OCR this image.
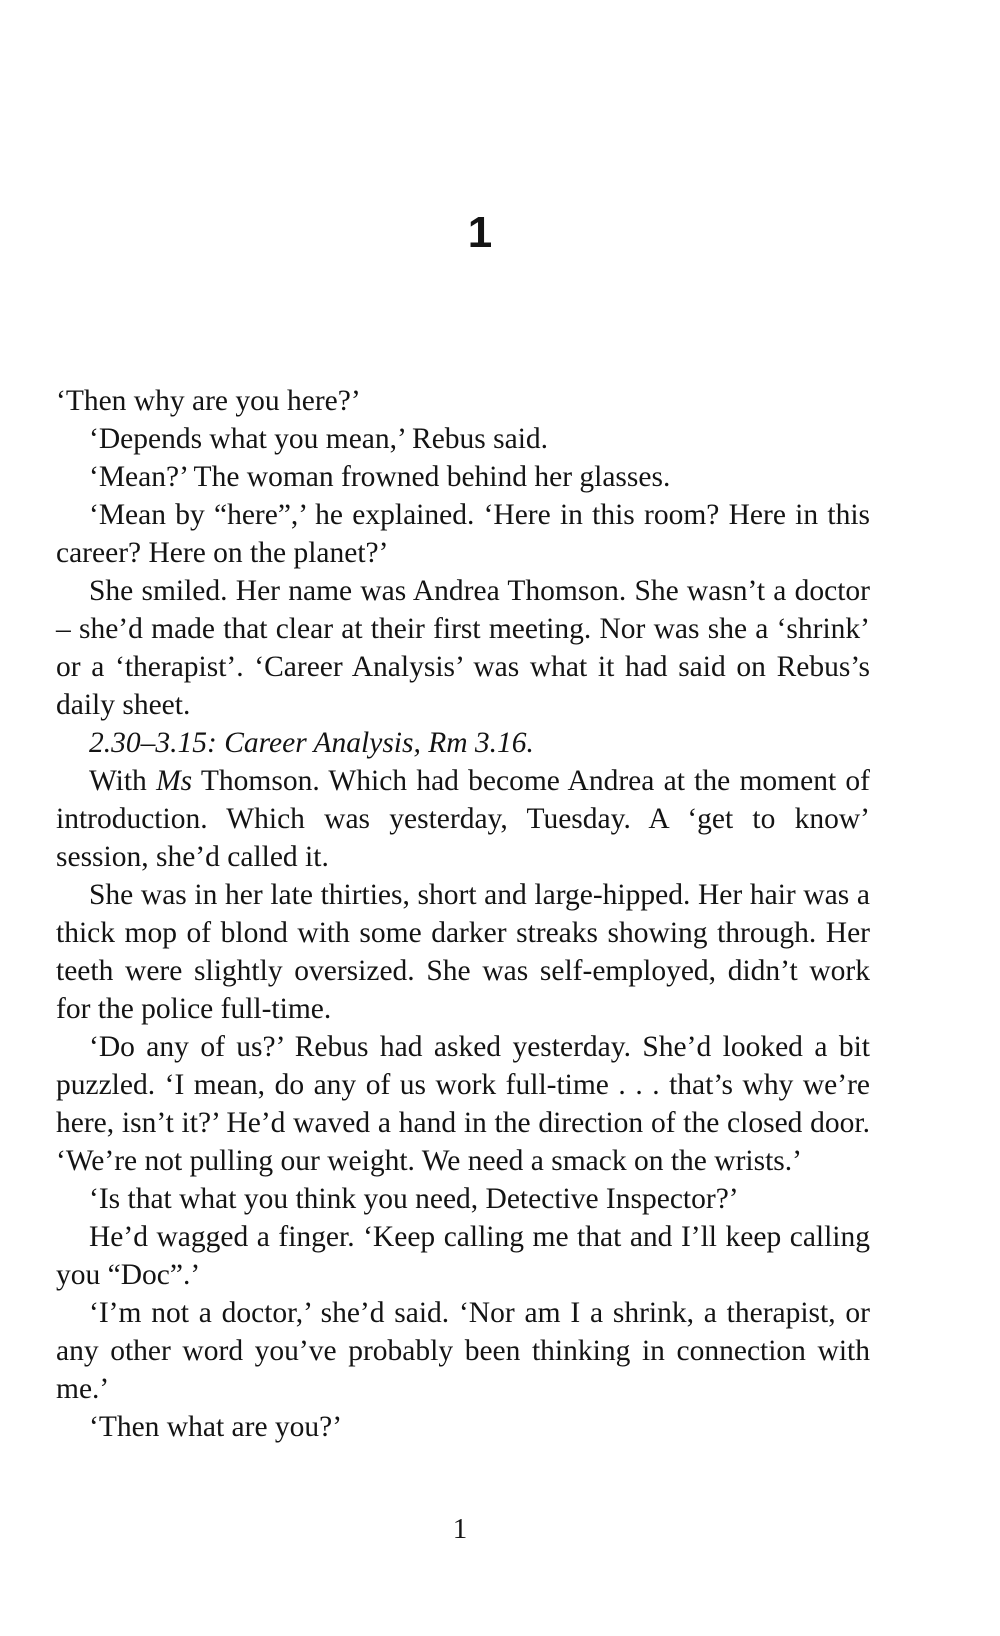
1

‘Then why are you here?’

‘Depends what you mean,’ Rebus said.

‘Mean?’ The woman frowned behind her glasses.

‘Mean by “here”,’ he explained. ‘Here in this room? Here in this career? Here on the planet?’

She smiled. Her name was Andrea Thomson. She wasn’t a doctor – she’d made that clear at their first meeting. Nor was she a ‘shrink’ or a ‘therapist’. ‘Career Analysis’ was what it had said on Rebus’s daily sheet.

2.30–3.15: Career Analysis, Rm 3.16.

With Ms Thomson. Which had become Andrea at the moment of introduction. Which was yesterday, Tuesday. A ‘get to know’ session, she’d called it.

She was in her late thirties, short and large-hipped. Her hair was a thick mop of blond with some darker streaks showing through. Her teeth were slightly oversized. She was self-employed, didn’t work for the police full-time.

‘Do any of us?’ Rebus had asked yesterday. She’d looked a bit puzzled. ‘I mean, do any of us work full-time . . . that’s why we’re here, isn’t it?’ He’d waved a hand in the direction of the closed door. ‘We’re not pulling our weight. We need a smack on the wrists.’

‘Is that what you think you need, Detective Inspector?’

He’d wagged a finger. ‘Keep calling me that and I’ll keep calling you “Doc”.’

‘I’m not a doctor,’ she’d said. ‘Nor am I a shrink, a therapist, or any other word you’ve probably been thinking in connection with me.’

‘Then what are you?’

1
